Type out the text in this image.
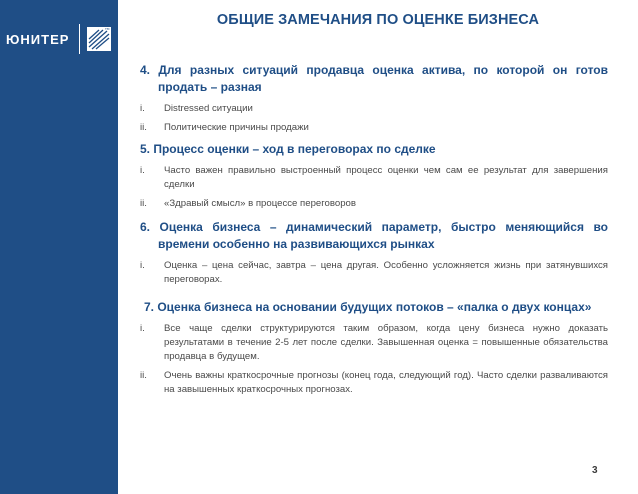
ЮНИТЕР
TM
ОБЩИЕ ЗАМЕЧАНИЯ ПО ОЦЕНКЕ БИЗНЕСА
4. Для разных ситуаций продавца оценка актива, по которой он готов продать – разная
i.	Distressed ситуации
ii.	Политические причины продажи
5. Процесс оценки – ход в переговорах по сделке
i.	Часто важен правильно выстроенный процесс оценки чем сам ее результат для завершения сделки
ii.	«Здравый смысл» в процессе переговоров
6. Оценка бизнеса – динамический параметр, быстро меняющийся во времени особенно на развивающихся рынках
i.	Оценка – цена сейчас, завтра – цена другая. Особенно усложняется жизнь при затянувшихся переговорах.
7. Оценка бизнеса на основании будущих потоков – «палка о двух концах»
i.	Все чаще сделки структурируются таким образом, когда цену бизнеса нужно доказать результатами в течение 2-5 лет после сделки. Завышенная оценка = повышенные обязательства продавца в будущем.
ii.	Очень важны краткосрочные прогнозы (конец года, следующий год). Часто сделки разваливаются на завышенных краткосрочных прогнозах.
3
